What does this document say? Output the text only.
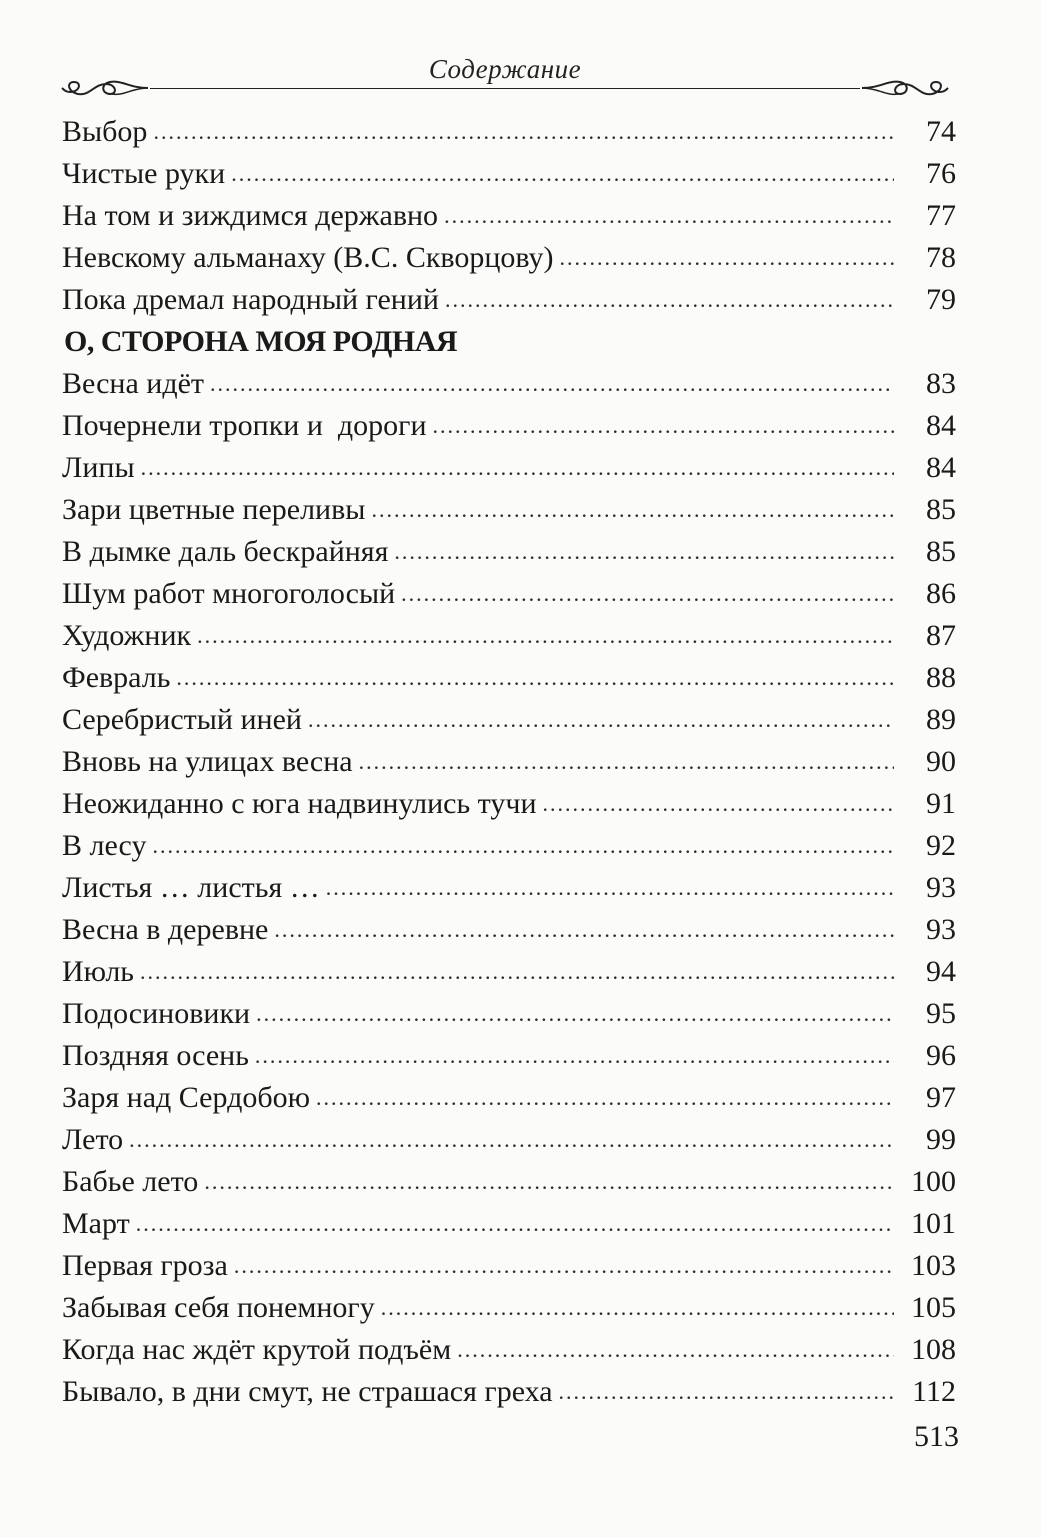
Содержание
Выбор .....	74
Чистые руки .....	76
На том и зиждимся державно .....	77
Невскому альманаху (В.С. Скворцову) .....	78
Пока дремал народный гений .....	79
О, СТОРОНА МОЯ РОДНАЯ
Весна идёт .....	83
Почернели тропки и  дороги .....	84
Липы .....	84
Зари цветные переливы .....	85
В дымке даль бескрайняя .....	85
Шум работ многоголосый .....	86
Художник .....	87
Февраль .....	88
Серебристый иней .....	89
Вновь на улицах весна .....	90
Неожиданно с юга надвинулись тучи .....	91
В лесу .....	92
Листья … листья … .....	93
Весна в деревне .....	93
Июль .....	94
Подосиновики .....	95
Поздняя осень .....	96
Заря над Сердобою .....	97
Лето .....	99
Бабье лето .....	100
Март .....	101
Первая гроза .....	103
Забывая себя понемногу .....	105
Когда нас ждёт крутой подъём .....	108
Бывало, в дни смут, не страшася греха .....	112
513
